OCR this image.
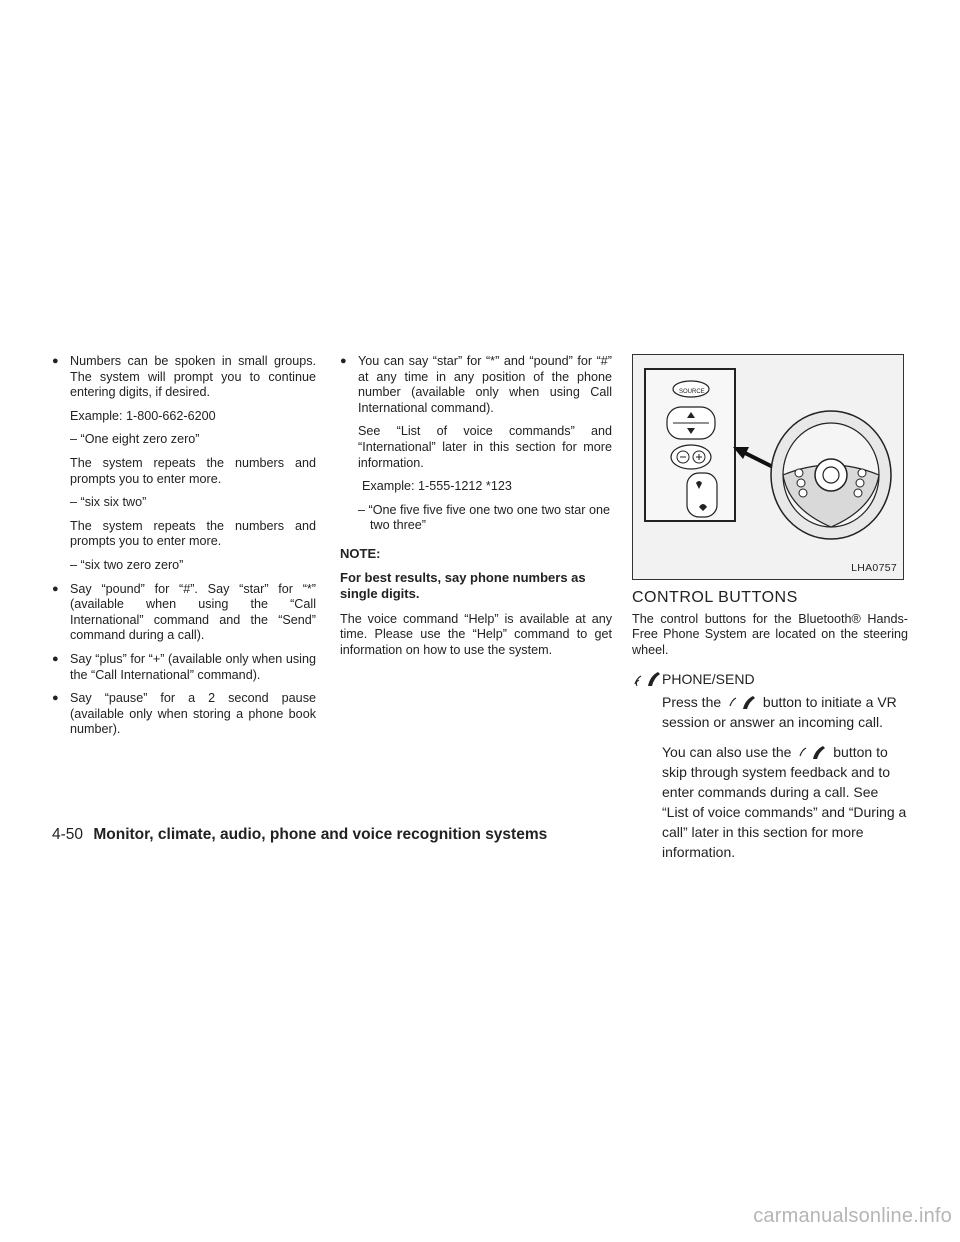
● Numbers can be spoken in small groups. The system will prompt you to continue entering digits, if desired.
Example: 1-800-662-6200
– “One eight zero zero”
The system repeats the numbers and prompts you to enter more.
– “six six two”
The system repeats the numbers and prompts you to enter more.
– “six two zero zero”
● Say “pound” for “#”. Say “star” for “*” (available when using the “Call International” command and the “Send” command during a call).
● Say “plus” for “+” (available only when using the “Call International” command).
● Say “pause” for a 2 second pause (available only when storing a phone book number).
● You can say “star” for “*” and “pound” for “#” at any time in any position of the phone number (available only when using Call International command).
See “List of voice commands” and “International” later in this section for more information.
Example: 1-555-1212 *123
– “One five five five one two one two star one two three”
NOTE:
For best results, say phone numbers as single digits.
The voice command “Help” is available at any time. Please use the “Help” command to get information on how to use the system.
LHA0757
SOURCE
CONTROL BUTTONS
The control buttons for the Bluetooth® Hands-Free Phone System are located on the steering wheel.
PHONE/SEND

Press the	button to initiate a VR session or answer an incoming call.

You can also use the	button to skip through system feedback and to enter commands during a call. See “List of voice commands” and “During a call” later in this section for more information.

4-50 Monitor, climate, audio, phone and voice recognition systems
carmanualsonline.info
